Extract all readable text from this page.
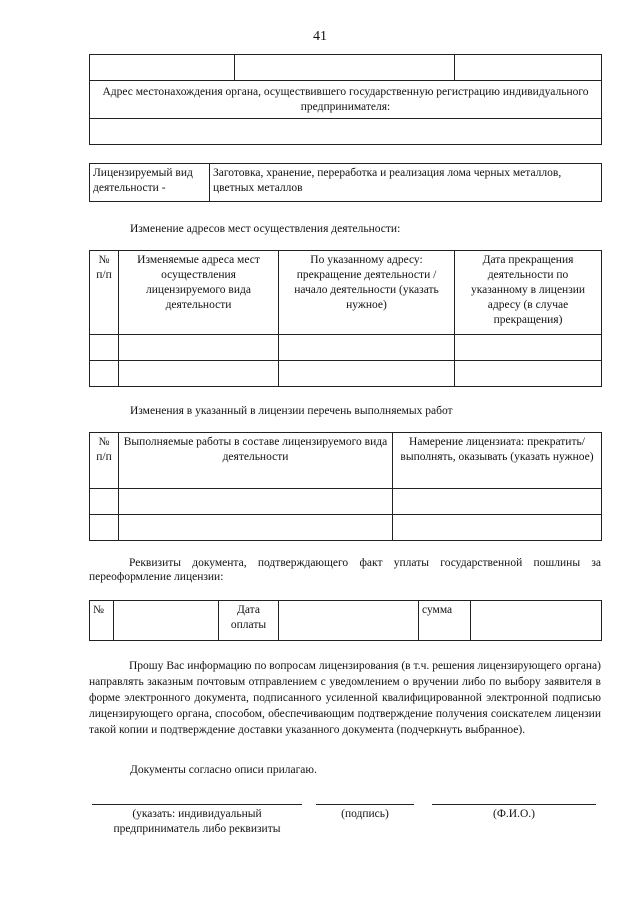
41

Адрес местонахождения органа, осуществившего государственную регистрацию индивидуального предпринимателя:

Лицензируемый вид деятельности -	Заготовка, хранение, переработка и реализация лома черных металлов, цветных металлов
Изменение адресов мест осуществления деятельности:
№ п/п	Изменяемые адреса мест осуществления лицензируемого вида деятельности	По указанному адресу: прекращение деятельности / начало деятельности (указать нужное)	Дата прекращения деятельности по указанному в лицензии адресу (в случае прекращения)

Изменения в указанный в лицензии перечень выполняемых работ
№ п/п	Выполняемые работы в составе лицензируемого вида деятельности	Намерение лицензиата: прекратить/выполнять, оказывать (указать нужное)

Реквизиты документа, подтверждающего факт уплаты государственной пошлины за переоформление лицензии:
№		Дата оплаты		сумма	
Прошу Вас информацию по вопросам лицензирования (в т.ч. решения лицензирующего органа) направлять заказным почтовым отправлением с уведомлением о вручении либо по выбору заявителя в форме электронного документа, подписанного усиленной квалифицированной электронной подписью лицензирующего органа, способом, обеспечивающим подтверждение получения соискателем лицензии такой копии и подтверждение доставки указанного документа (подчеркнуть выбранное).
Документы согласно описи прилагаю.
(указать: индивидуальный предприниматель либо реквизиты
(подпись)	(Ф.И.О.)
